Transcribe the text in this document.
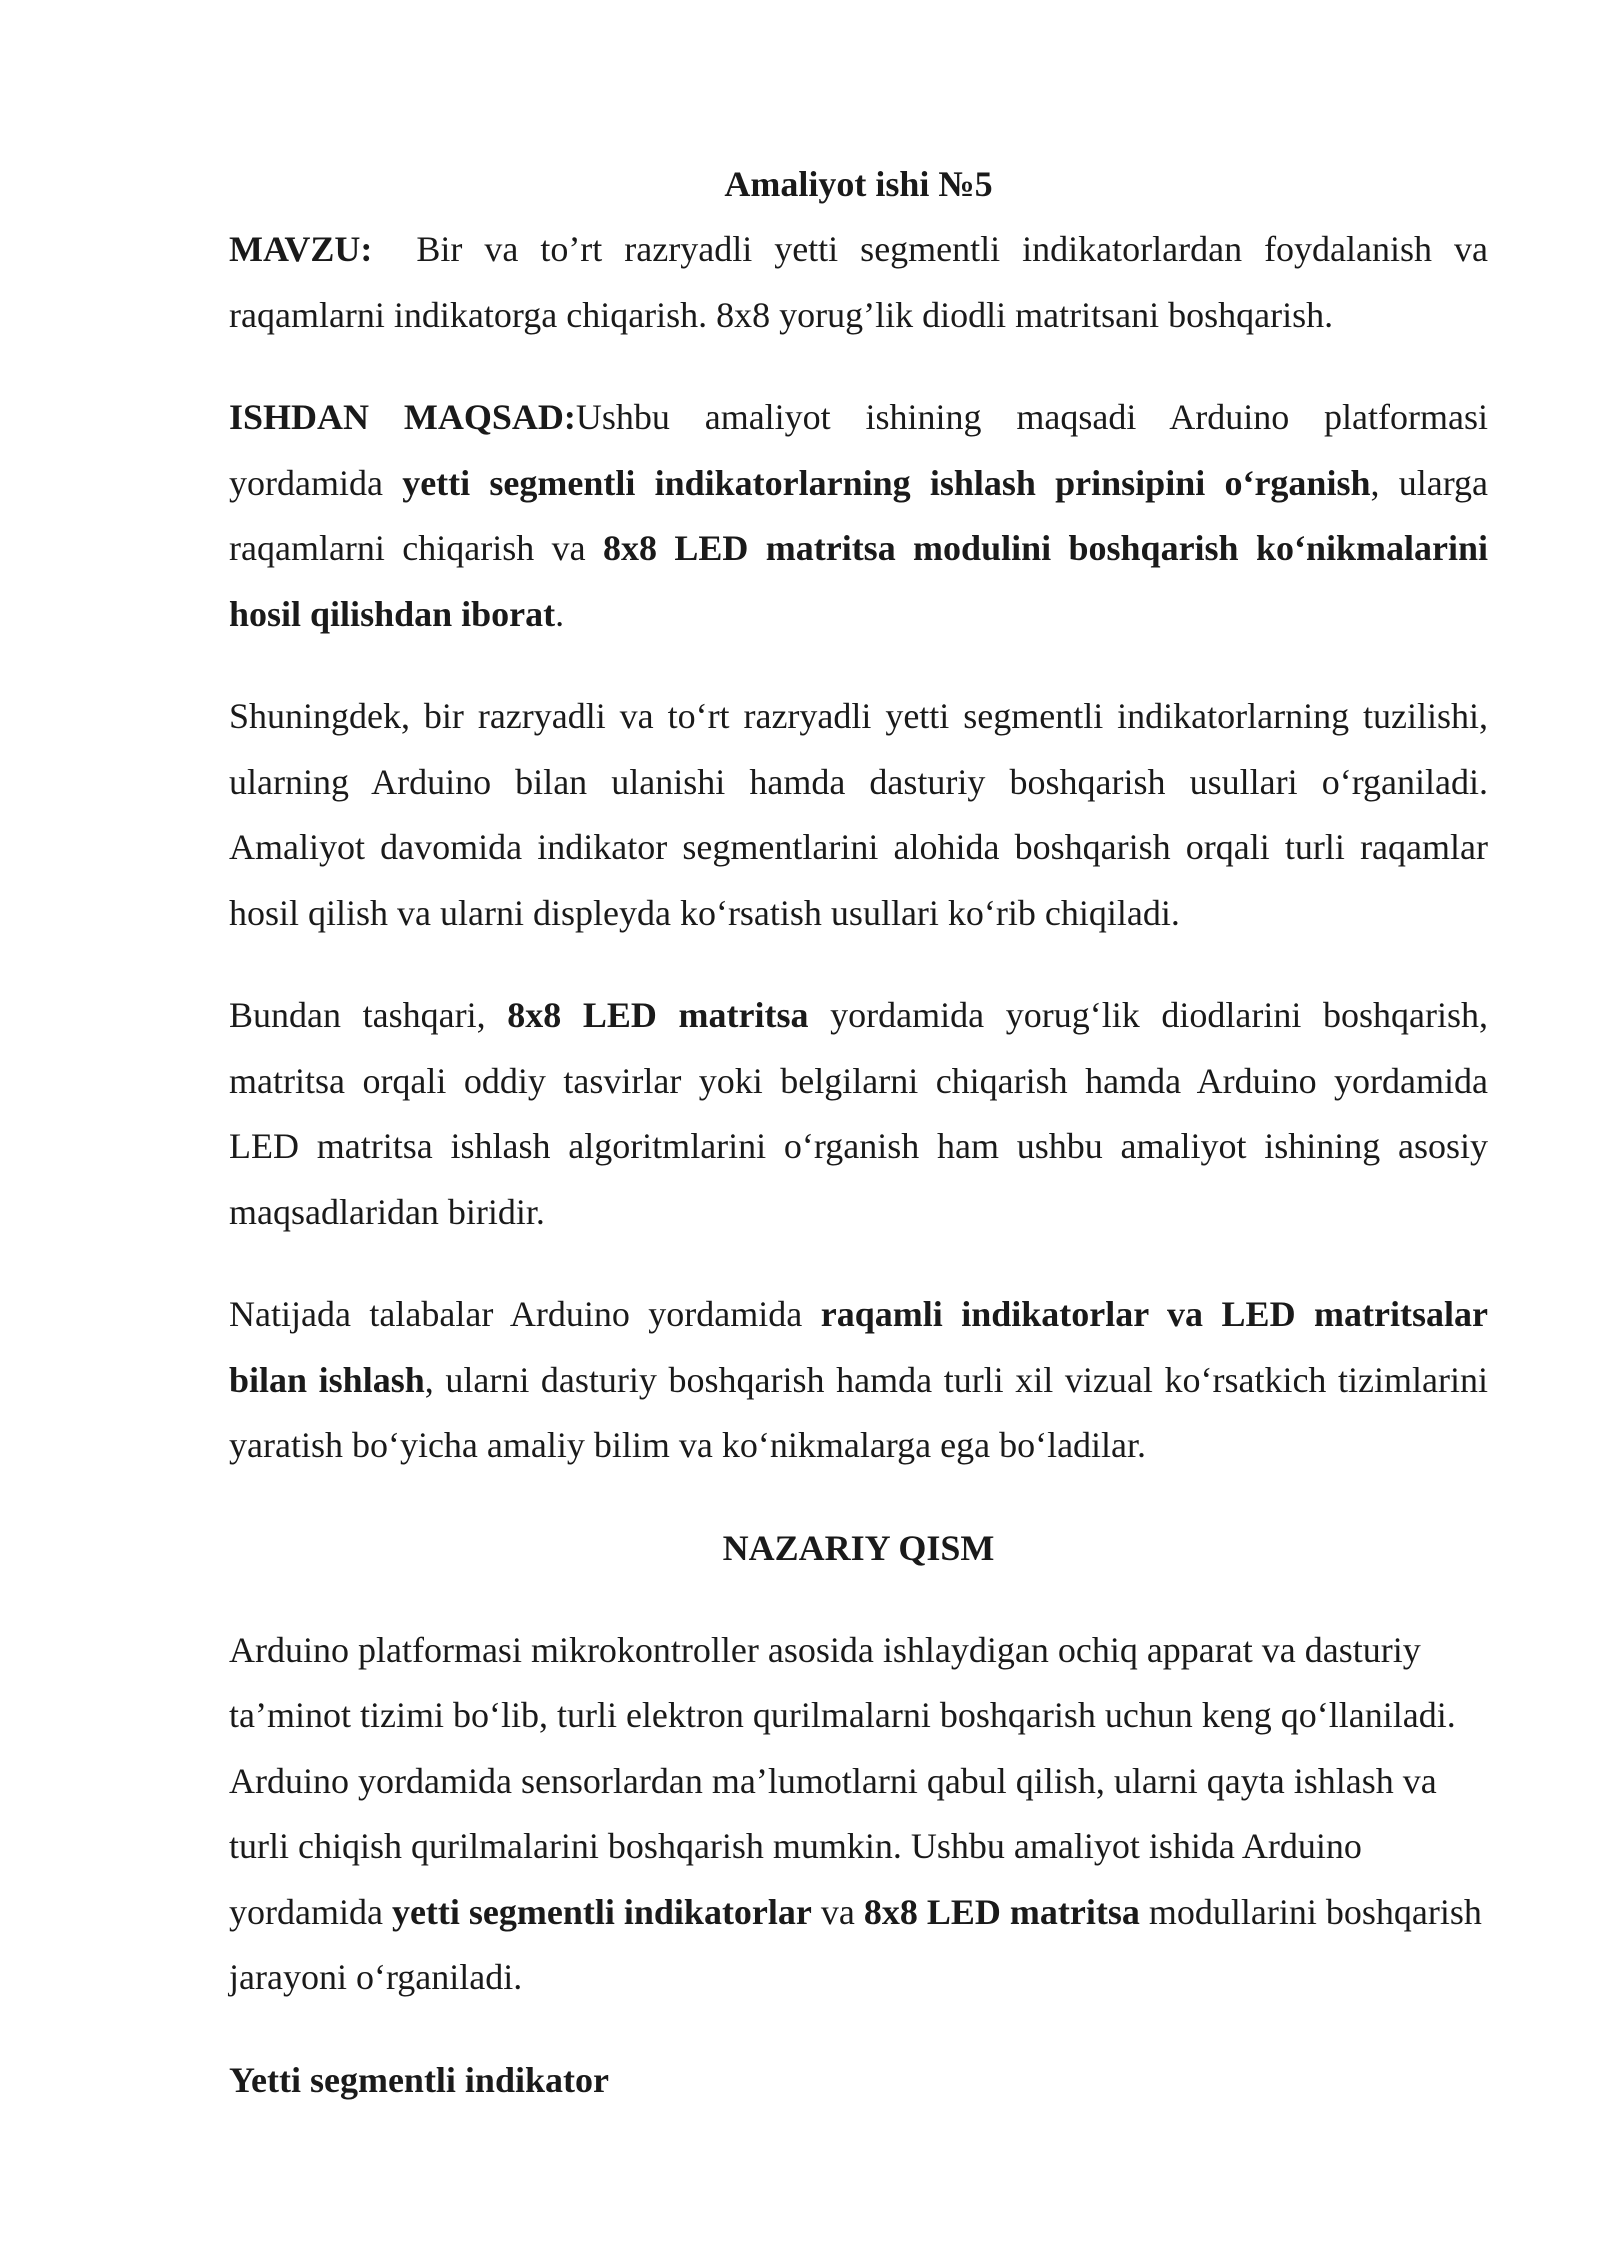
Amaliyot ishi №5

MAVZU: Bir va to’rt razryadli yetti segmentli indikatorlardan foydalanish va raqamlarni indikatorga chiqarish. 8x8 yorug’lik diodli matritsani boshqarish.

ISHDAN MAQSAD:Ushbu amaliyot ishining maqsadi Arduino platformasi yordamida yetti segmentli indikatorlarning ishlash prinsipini o‘rganish, ularga raqamlarni chiqarish va 8x8 LED matritsa modulini boshqarish ko‘nikmalarini hosil qilishdan iborat.

Shuningdek, bir razryadli va to‘rt razryadli yetti segmentli indikatorlarning tuzilishi, ularning Arduino bilan ulanishi hamda dasturiy boshqarish usullari o‘rganiladi. Amaliyot davomida indikator segmentlarini alohida boshqarish orqali turli raqamlar hosil qilish va ularni displeyda ko‘rsatish usullari ko‘rib chiqiladi.

Bundan tashqari, 8x8 LED matritsa yordamida yorug‘lik diodlarini boshqarish, matritsa orqali oddiy tasvirlar yoki belgilarni chiqarish hamda Arduino yordamida LED matritsa ishlash algoritmlarini o‘rganish ham ushbu amaliyot ishining asosiy maqsadlaridan biridir.

Natijada talabalar Arduino yordamida raqamli indikatorlar va LED matritsalar bilan ishlash, ularni dasturiy boshqarish hamda turli xil vizual ko‘rsatkich tizimlarini yaratish bo‘yicha amaliy bilim va ko‘nikmalarga ega bo‘ladilar.

NAZARIY QISM

Arduino platformasi mikrokontroller asosida ishlaydigan ochiq apparat va dasturiy ta’minot tizimi bo‘lib, turli elektron qurilmalarni boshqarish uchun keng qo‘llaniladi. Arduino yordamida sensorlardan ma’lumotlarni qabul qilish, ularni qayta ishlash va turli chiqish qurilmalarini boshqarish mumkin. Ushbu amaliyot ishida Arduino yordamida yetti segmentli indikatorlar va 8x8 LED matritsa modullarini boshqarish jarayoni o‘rganiladi.

Yetti segmentli indikator
